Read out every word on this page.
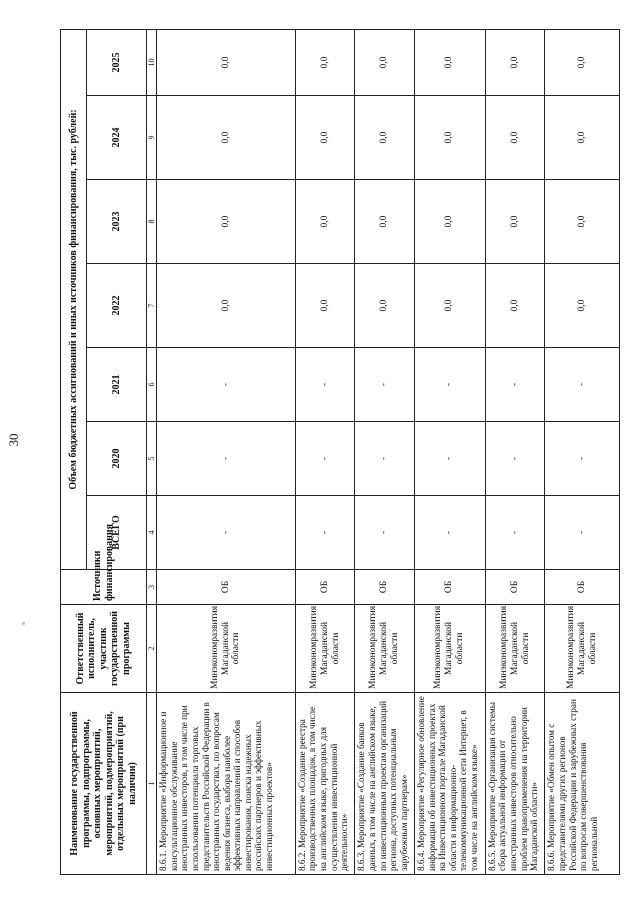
30
Наименование государственной программы, подпрограммы, основных мероприятий, мероприятий, подмероприятий, отдельных мероприятий (при наличии)	Ответственный исполнитель, участник государственной программы	Источники финансирования	Объем бюджетных ассигнований и иных источников финансирования, тыс. рублей:						
			ВСЕГО	2020	2021	2022	2023	2024	2025
1	2	3	4	5	6	7	8	9	10
8.6.1. Мероприятие «Информационное и консультационное обслуживание иностранных инвесторов, в том числе при использовании потенциала торговых представительств Российской Федерации в иностранных государствах, по вопросам ведения бизнеса, выбора наиболее эффективных направлений и способов инвестирования, поиска надежных российских партнеров и эффективных инвестиционных проектов»	Минэкономразвития Магаданской области	ОБ	-	-	-	0,0	0,0	0,0	0,0
8.6.2. Мероприятие «Создание реестра производственных площадок, в том числе на английском языке, пригодных для осуществления инвестиционной деятельности»	Минэкономразвития Магаданской области	ОБ	-	-	-	0,0	0,0	0,0	0,0
8.6.3. Мероприятие «Создание банков данных, в том числе на английском языке, по инвестиционным проектам организаций региона, доступных потенциальным зарубежным партнерам»	Минэкономразвития Магаданской области	ОБ	-	-	-	0,0	0,0	0,0	0,0
8.6.4. Мероприятие «Регулярное обновление информации об инвестиционных проектах на Инвестиционном портале Магаданской области в информационно-телекоммуникационной сети Интернет, в том числе на английском языке»	Минэкономразвития Магаданской области	ОБ	-	-	-	0,0	0,0	0,0	0,0
8.6.5. Мероприятие «Организация системы сбора актуальной информации от иностранных инвесторов относительно проблем правоприменения на территории Магаданской области»	Минэкономразвития Магаданской области	ОБ	-	-	-	0,0	0,0	0,0	0,0
8.6.6. Мероприятие «Обмен опытом с представителями других регионов Российской Федерации и зарубежных стран по вопросам совершенствования региональной	Минэкономразвития Магаданской области	ОБ	-	-	-	0,0	0,0	0,0	0,0
